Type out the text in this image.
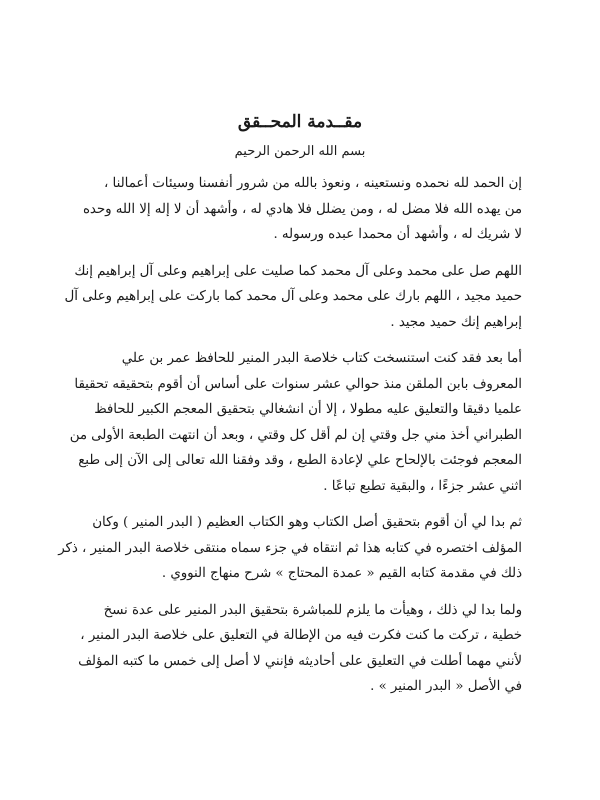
مقــدمة المحــقق
بسم الله الرحمن الرحيم

إن الحمد لله نحمده ونستعينه ، ونعوذ بالله من شرور أنفسنا وسيئات أعمالنا ،
من يهده الله فلا مضل له ، ومن يضلل فلا هادي له ، وأشهد أن لا إله إلا الله وحده
لا شريك له ، وأشهد أن محمدا عبده ورسوله .

اللهم صل على محمد وعلى آل محمد كما صليت على إبراهيم وعلى آل إبراهيم إنك
حميد مجيد ، اللهم بارك على محمد وعلى آل محمد كما باركت على إبراهيم وعلى آل
إبراهيم إنك حميد مجيد .

أما بعد فقد كنت استنسخت كتاب خلاصة البدر المنير للحافظ عمر بن علي
المعروف بابن الملقن منذ حوالي عشر سنوات على أساس أن أقوم بتحقيقه تحقيقا
علميا دقيقا والتعليق عليه مطولا ، إلا أن انشغالي بتحقيق المعجم الكبير للحافظ
الطبراني أخذ مني جل وقتي إن لم أقل كل وقتي ، وبعد أن انتهت الطبعة الأولى من
المعجم فوجئت بالإلحاح علي لإعادة الطبع ، وقد وفقنا الله تعالى إلى الآن إلى طبع
اثني عشر جزءًا ، والبقية تطبع تباعًا .

ثم بدا لي أن أقوم بتحقيق أصل الكتاب وهو الكتاب العظيم ( البدر المنير ) وكان
المؤلف اختصره في كتابه هذا ثم انتقاه في جزء سماه منتقى خلاصة البدر المنير ، ذكر
ذلك في مقدمة كتابه القيم « عمدة المحتاج » شرح منهاج النووي .

ولما بدا لي ذلك ، وهيأت ما يلزم للمباشرة بتحقيق البدر المنير على عدة نسخ
خطية ، تركت ما كنت فكرت فيه من الإطالة في التعليق على خلاصة البدر المنير ،
لأنني مهما أطلت في التعليق على أحاديثه فإنني لا أصل إلى خمس ما كتبه المؤلف
في الأصل « البدر المنير » .
